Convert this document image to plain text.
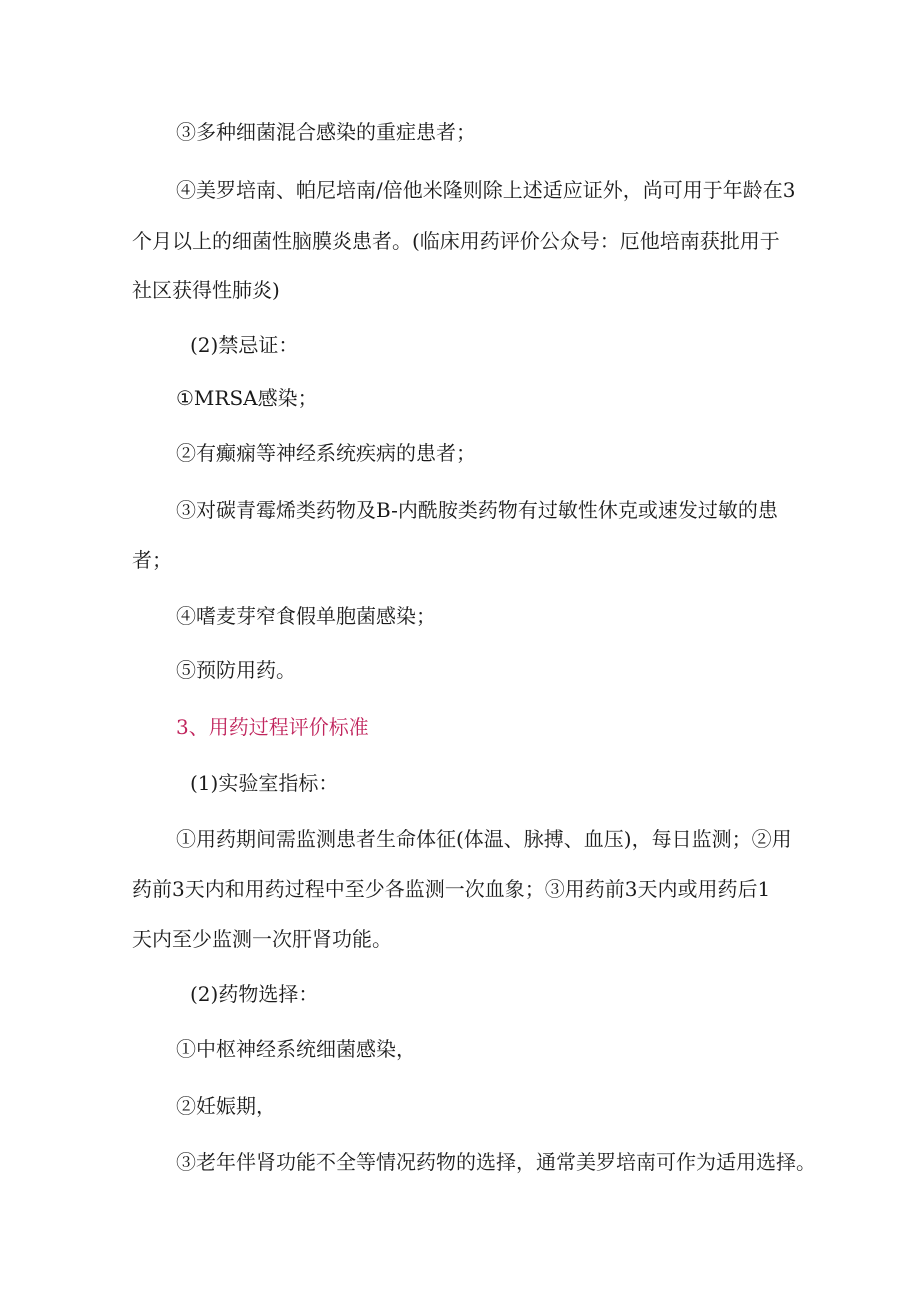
③多种细菌混合感染的重症患者；
④美罗培南、帕尼培南/倍他米隆则除上述适应证外，尚可用于年龄在3
个月以上的细菌性脑膜炎患者。(临床用药评价公众号：厄他培南获批用于
社区获得性肺炎)
(2)禁忌证：
①MRSA感染；
②有癫痫等神经系统疾病的患者；
③对碳青霉烯类药物及B-内酰胺类药物有过敏性休克或速发过敏的患
者；
④嗜麦芽窄食假单胞菌感染；
⑤预防用药。
3、用药过程评价标准
(1)实验室指标：
①用药期间需监测患者生命体征(体温、脉搏、血压)，每日监测；②用
药前3天内和用药过程中至少各监测一次血象；③用药前3天内或用药后1
天内至少监测一次肝肾功能。
(2)药物选择：
①中枢神经系统细菌感染，
②妊娠期，
③老年伴肾功能不全等情况药物的选择，通常美罗培南可作为适用选择。
